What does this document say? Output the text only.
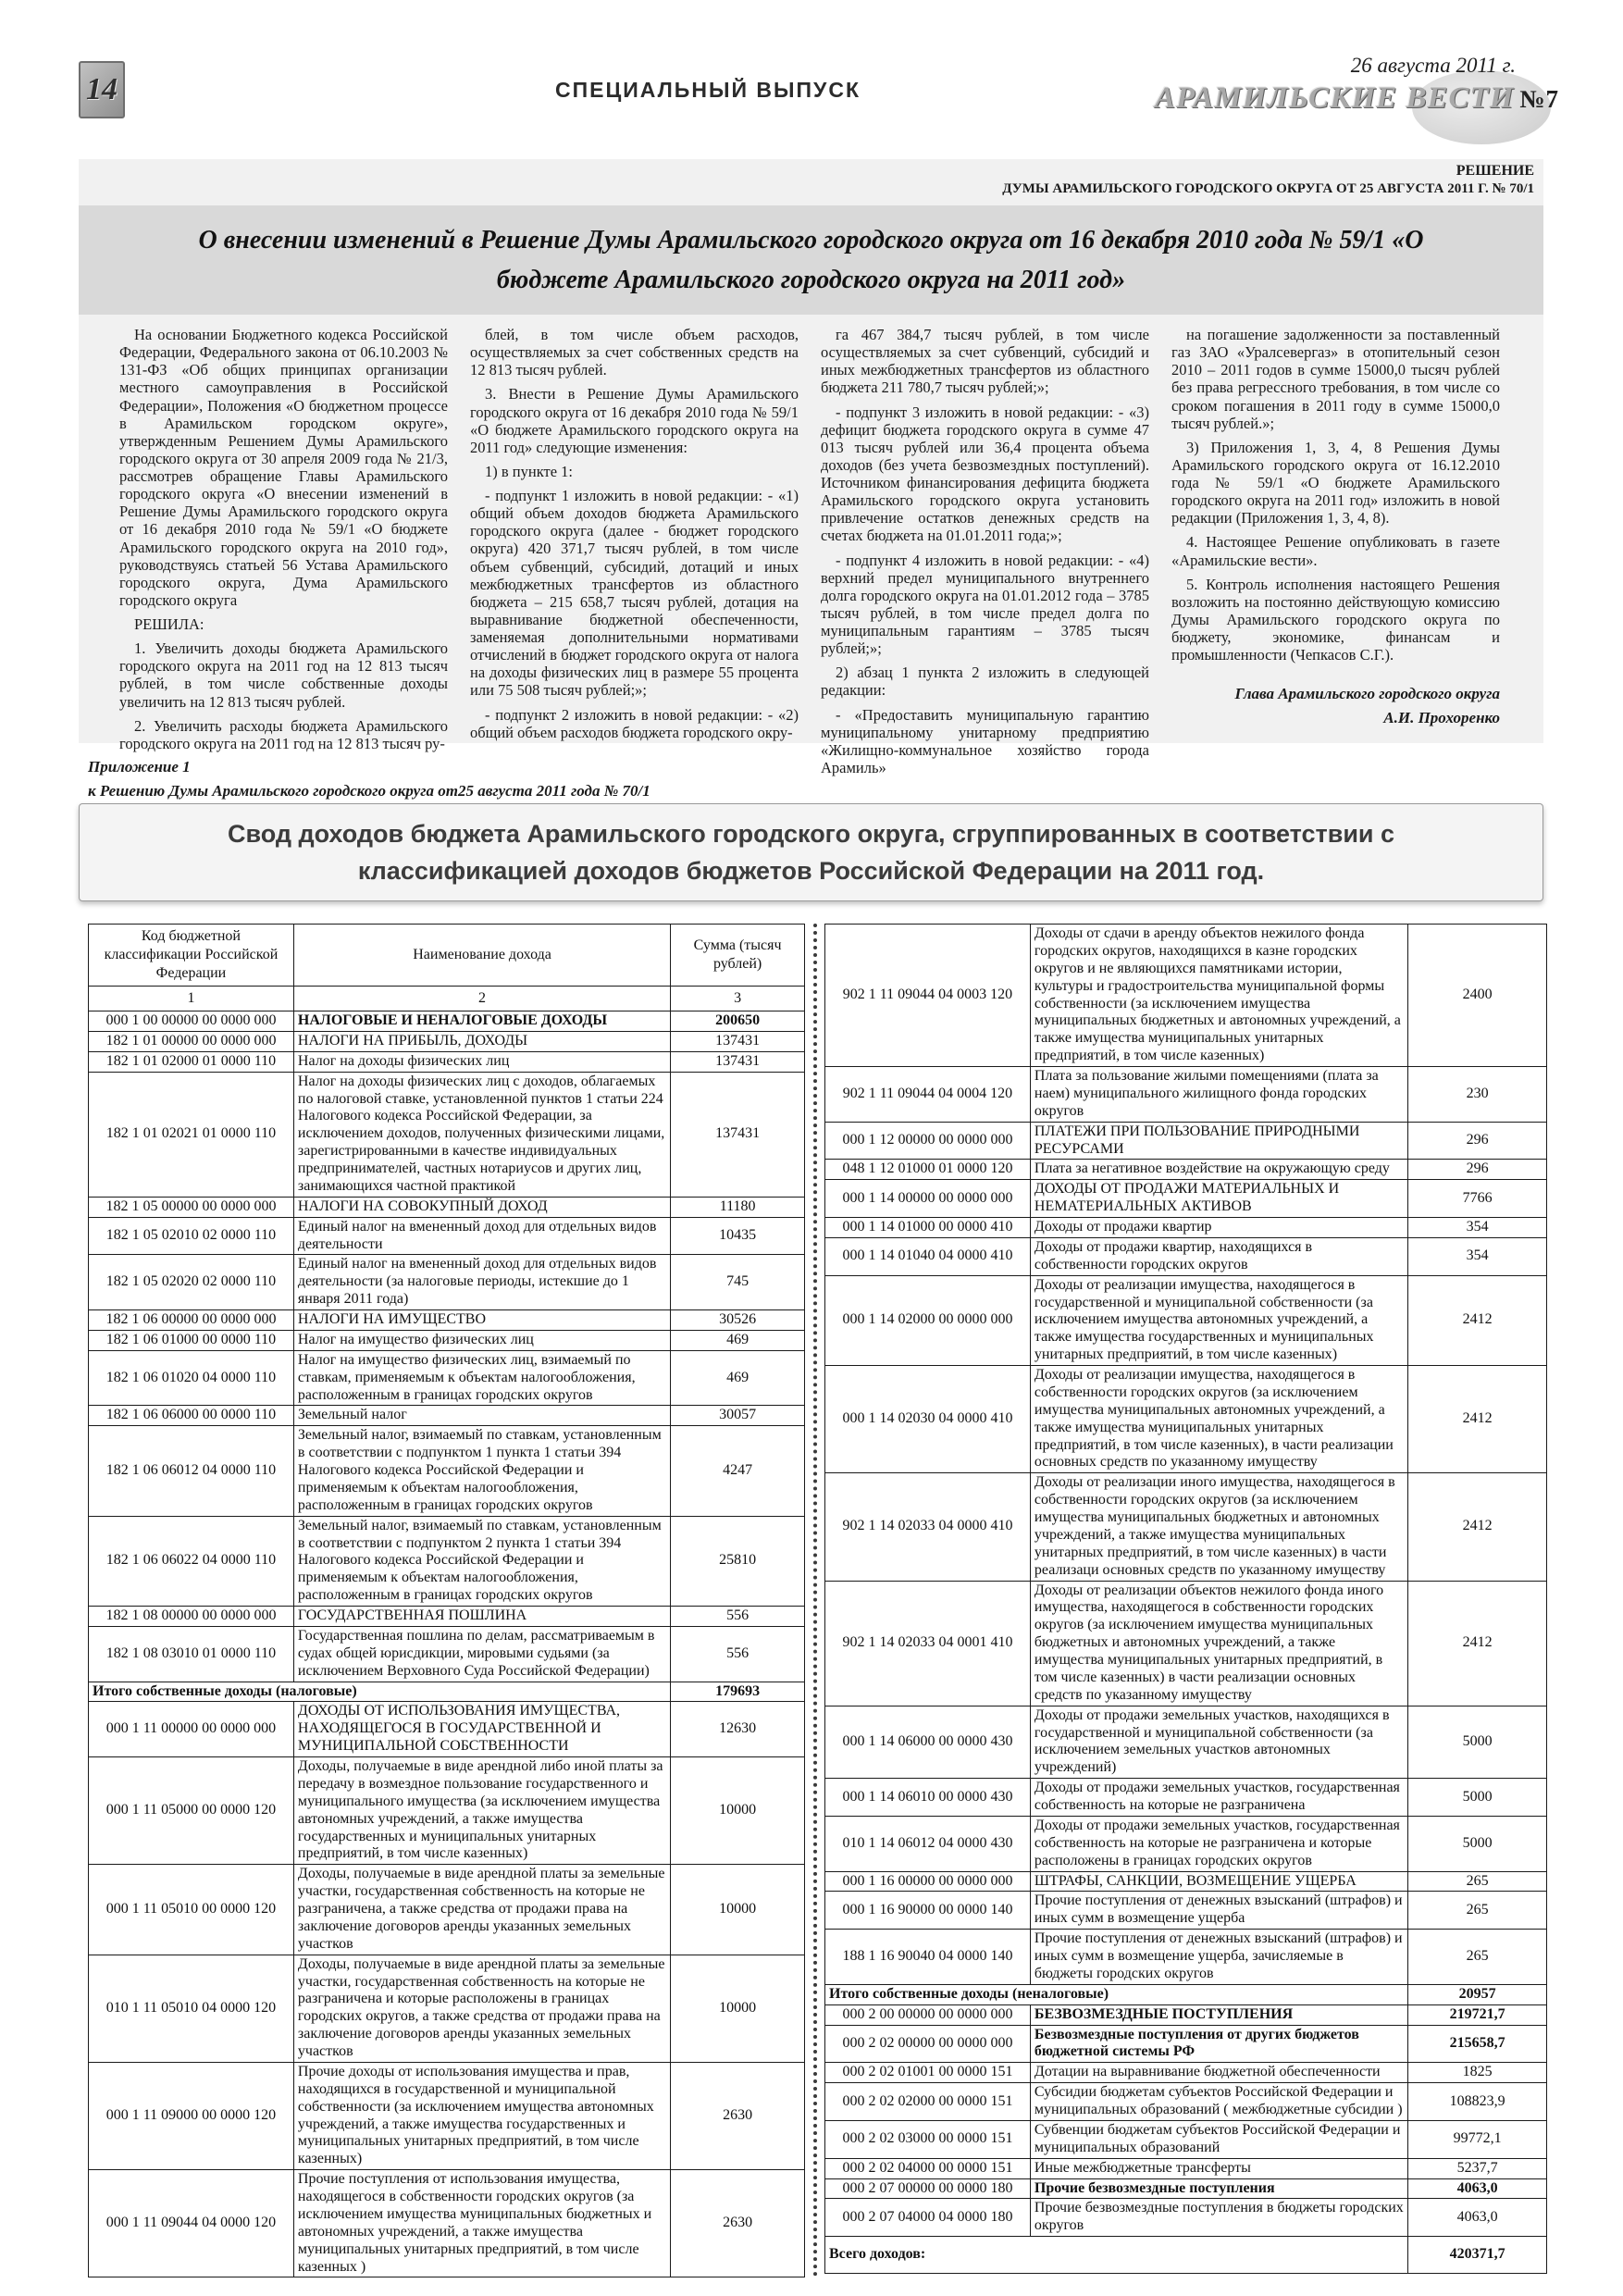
14	СПЕЦИАЛЬНЫЙ ВЫПУСК
26 августа 2011 г.
АРАМИЛЬСКИЕ ВЕСТИ №7
РЕШЕНИЕ
ДУМЫ АРАМИЛЬСКОГО ГОРОДСКОГО ОКРУГА ОТ 25 АВГУСТА 2011 Г. № 70/1
О внесении изменений в Решение Думы Арамильского городского округа от 16 декабря 2010 года № 59/1 «О бюджете Арамильского городского округа на 2011 год»

На основании Бюджетного кодекса Российской Федерации, Федерального закона от 06.10.2003 № 131-ФЗ «Об общих принципах организации местного самоуправления в Российской Федерации», Положения «О бюджетном процессе в Арамильском городском округе», утвержденным Решением Думы Арамильского городского округа от 30 апреля 2009 года № 21/3, рассмотрев обращение Главы Арамильского городского округа «О внесении изменений в Решение Думы Арамильского городского округа от 16 декабря 2010 года № 59/1 «О бюджете Арамильского городского округа на 2010 год», руководствуясь статьей 56 Устава Арамильского городского округа, Дума Арамильского городского округа

РЕШИЛА:

1. Увеличить доходы бюджета Арамильского городского округа на 2011 год на 12 813 тысяч рублей, в том числе собственные доходы увеличить на 12 813 тысяч рублей.

2. Увеличить расходы бюджета Арамильского городского округа на 2011 год на 12 813 тысяч ру-

блей, в том числе объем расходов, осуществляемых за счет собственных средств на 12 813 тысяч рублей.

3. Внести в Решение Думы Арамильского городского округа от 16 декабря 2010 года № 59/1 «О бюджете Арамильского городского округа на 2011 год» следующие изменения:

1) в пункте 1:

- подпункт 1 изложить в новой редакции: - «1) общий объем доходов бюджета Арамильского городского округа (далее - бюджет городского округа) 420 371,7 тысяч рублей, в том числе объем субвенций, субсидий, дотаций и иных межбюджетных трансфертов из областного бюджета – 215 658,7 тысяч рублей, дотация на выравнивание бюджетной обеспеченности, заменяемая дополнительными нормативами отчислений в бюджет городского округа от налога на доходы физических лиц в размере 55 процента или 75 508 тысяч рублей;»;

- подпункт 2 изложить в новой редакции: - «2) общий объем расходов бюджета городского окру-

га 467 384,7 тысяч рублей, в том числе осуществляемых за счет субвенций, субсидий и иных межбюджетных трансфертов из областного бюджета 211 780,7 тысяч рублей;»;

- подпункт 3 изложить в новой редакции: - «3) дефицит бюджета городского округа в сумме 47 013 тысяч рублей или 36,4 процента объема доходов (без учета безвозмездных поступлений). Источником финансирования дефицита бюджета Арамильского городского округа установить привлечение остатков денежных средств на счетах бюджета на 01.01.2011 года;»;

- подпункт 4 изложить в новой редакции: - «4) верхний предел муниципального внутреннего долга городского округа на 01.01.2012 года – 3785 тысяч рублей, в том числе предел долга по муниципальным гарантиям – 3785 тысяч рублей;»;

2) абзац 1 пункта 2 изложить в следующей редакции:

- «Предоставить муниципальную гарантию муниципальному унитарному предприятию «Жилищно-коммунальное хозяйство города Арамиль»

на погашение задолженности за поставленный газ ЗАО «Уралсевергаз» в отопительный сезон 2010 – 2011 годов в сумме 15000,0 тысяч рублей без права регрессного требования, в том числе со сроком погашения в 2011 году в сумме 15000,0 тысяч рублей.»;

3) Приложения 1, 3, 4, 8 Решения Думы Арамильского городского округа от 16.12.2010 года № 59/1 «О бюджете Арамильского городского округа на 2011 год» изложить в новой редакции (Приложения 1, 3, 4, 8).

4. Настоящее Решение опубликовать в газете «Арамильские вести».

5. Контроль исполнения настоящего Решения возложить на постоянно действующую комиссию Думы Арамильского городского округа по бюджету, экономике, финансам и промышленности (Чепкасов С.Г.).

Глава Арамильского городского округа
А.И. Прохоренко
Приложение 1
к Решению Думы Арамильского городского округа от25 августа 2011 года № 70/1
Свод доходов бюджета Арамильского городского округа, сгруппированных в соответствии с классификацией доходов бюджетов Российской Федерации на 2011 год.
Код бюджетной классификации Российской Федерации	Наименование дохода	Сумма (тысяч рублей)
1	2	3
000 1 00 00000 00 0000 000	НАЛОГОВЫЕ И НЕНАЛОГОВЫЕ ДОХОДЫ	200650
182 1 01 00000 00 0000 000	НАЛОГИ НА ПРИБЫЛЬ, ДОХОДЫ	137431
182 1 01 02000 01 0000 110	Налог на доходы физических лиц	137431
182 1 01 02021 01 0000 110	Налог на доходы физических лиц с доходов, облагаемых по налоговой ставке, установленной пунктов 1 статьи 224 Налогового кодекса Российской Федерации, за исключением доходов, полученных физическими лицами, зарегистрированными в качестве индивидуальных предпринимателей, частных нотариусов и других лиц, занимающихся частной практикой	137431
182 1 05 00000 00 0000 000	НАЛОГИ НА СОВОКУПНЫЙ ДОХОД	11180
182 1 05 02010 02 0000 110	Единый налог на вмененный доход для отдельных видов деятельности	10435
182 1 05 02020 02 0000 110	Единый налог на вмененный доход для отдельных видов деятельности (за налоговые периоды, истекшие до 1 января 2011 года)	745
182 1 06 00000 00 0000 000	НАЛОГИ НА ИМУЩЕСТВО	30526
182 1 06 01000 00 0000 110	Налог на имущество физических лиц	469
182 1 06 01020 04 0000 110	Налог на имущество физических лиц, взимаемый по ставкам, применяемым к объектам налогообложения, расположенным в границах городских округов	469
182 1 06 06000 00 0000 110	Земельный налог	30057
182 1 06 06012 04 0000 110	Земельный налог, взимаемый по ставкам, установленным в соответствии с подпунктом 1 пункта 1 статьи 394 Налогового кодекса Российской Федерации и применяемым к объектам налогообложения, расположенным в границах городских округов	4247
182 1 06 06022 04 0000 110	Земельный налог, взимаемый по ставкам, установленным в соответствии с подпунктом 2 пункта 1 статьи 394 Налогового кодекса Российской Федерации и применяемым к объектам налогообложения, расположенным в границах городских округов	25810
182 1 08 00000 00 0000 000	ГОСУДАРСТВЕННАЯ ПОШЛИНА	556
182 1 08 03010 01 0000 110	Государственная пошлина по делам, рассматриваемым в судах общей юрисдикции, мировыми судьями (за исключением Верховного Суда Российской Федерации)	556
Итого собственные доходы (налоговые)		179693
000 1 11 00000 00 0000 000	ДОХОДЫ ОТ ИСПОЛЬЗОВАНИЯ ИМУЩЕСТВА, НАХОДЯЩЕГОСЯ В ГОСУДАРСТВЕННОЙ И МУНИЦИПАЛЬНОЙ СОБСТВЕННОСТИ	12630
000 1 11 05000 00 0000 120	Доходы, получаемые в виде арендной либо иной платы за передачу в возмездное пользование государственного и муниципального имущества (за исключением имущества автономных учреждений, а также имущества государственных и муниципальных унитарных предприятий, в том числе казенных)	10000
000 1 11 05010 00 0000 120	Доходы, получаемые в виде арендной платы за земельные участки, государственная собственность на которые не разграничена, а также средства от продажи права на заключение договоров аренды указанных земельных участков	10000
010 1 11 05010 04 0000 120	Доходы, получаемые в виде арендной платы за земельные участки, государственная собственность на которые не разграничена и которые расположены в границах городских округов, а также средства от продажи права на заключение договоров аренды указанных земельных участков	10000
000 1 11 09000 00 0000 120	Прочие доходы от использования имущества и прав, находящихся в государственной и муниципальной собственности (за исключением имущества автономных учреждений, а также имущества государственных и муниципальных унитарных предприятий, в том числе казенных)	2630
000 1 11 09044 04 0000 120	Прочие поступления от использования имущества, находящегося в собственности городских округов (за исключением имущества муниципальных бюджетных и автономных учреждений, а также имущества муниципальных унитарных предприятий, в том числе казенных )	2630
902 1 11 09044 04 0003 120	Доходы от сдачи в аренду объектов нежилого фонда городских округов, находящихся в казне городских округов и не являющихся памятниками истории, культуры и градостроительства муниципальной формы собственности (за исключением имущества муниципальных бюджетных и автономных учреждений, а также имущества муниципальных унитарных предприятий, в том числе казенных)	2400
902 1 11 09044 04 0004 120	Плата за пользование жилыми помещениями (плата за наем) муниципального жилищного фонда городских округов	230
000 1 12 00000 00 0000 000	ПЛАТЕЖИ ПРИ ПОЛЬЗОВАНИЕ ПРИРОДНЫМИ РЕСУРСАМИ	296
048 1 12 01000 01 0000 120	Плата за негативное воздействие на окружающую среду	296
000 1 14 00000 00 0000 000	ДОХОДЫ ОТ ПРОДАЖИ МАТЕРИАЛЬНЫХ И НЕМАТЕРИАЛЬНЫХ АКТИВОВ	7766
000 1 14 01000 00 0000 410	Доходы от продажи квартир	354
000 1 14 01040 04 0000 410	Доходы от продажи квартир, находящихся в собственности городских округов	354
000 1 14 02000 00 0000 000	Доходы от реализации имущества, находящегося в государственной и муниципальной собственности (за исключением имущества автономных учреждений, а также имущества государственных и муниципальных унитарных предприятий, в том числе казенных)	2412
000 1 14 02030 04 0000 410	Доходы от реализации имущества, находящегося в собственности городских округов (за исключением имущества муниципальных автономных учреждений, а также имущества муниципальных унитарных предприятий, в том числе казенных), в части реализации основных средств по указанному имуществу	2412
902 1 14 02033 04 0000 410	Доходы от реализации иного имущества, находящегося в собственности городских округов (за исключением имущества муниципальных бюджетных и автономных учреждений, а также имущества муниципальных унитарных предприятий, в том числе казенных) в части реализаци основных средств по указанному имуществу	2412
902 1 14 02033 04 0001 410	Доходы от реализации объектов нежилого фонда иного имущества, находящегося в собственности городских округов (за исключением имущества муниципальных бюджетных и автономных учреждений, а также имущества муниципальных унитарных предприятий, в том числе казенных) в части реализации основных средств по указанному имуществу	2412
000 1 14 06000 00 0000 430	Доходы от продажи земельных участков, находящихся в государственной и муниципальной собственности (за исключением земельных участков автономных учреждений)	5000
000 1 14 06010 00 0000 430	Доходы от продажи земельных участков, государственная собственность на которые не разграничена	5000
010 1 14 06012 04 0000 430	Доходы от продажи земельных участков, государственная собственность на которые не разграничена и которые расположены в границах городских округов	5000
000 1 16 00000 00 0000 000	ШТРАФЫ, САНКЦИИ, ВОЗМЕЩЕНИЕ УЩЕРБА	265
000 1 16 90000 00 0000 140	Прочие поступления от денежных взысканий (штрафов) и иных сумм в возмещение ущерба	265
188 1 16 90040 04 0000 140	Прочие поступления от денежных взысканий (штрафов) и иных сумм в возмещение ущерба, зачисляемые в бюджеты городских округов	265
Итого собственные доходы (неналоговые)		20957
000 2 00 00000 00 0000 000	БЕЗВОЗМЕЗДНЫЕ ПОСТУПЛЕНИЯ	219721,7
000 2 02 00000 00 0000 000	Безвозмездные поступления от других бюджетов бюджетной системы РФ	215658,7
000 2 02 01001 00 0000 151	Дотации на выравнивание бюджетной обеспеченности	1825
000 2 02 02000 00 0000 151	Субсидии бюджетам субъектов Российской Федерации и муниципальных образований ( межбюджетные субсидии )	108823,9
000 2 02 03000 00 0000 151	Субвенции бюджетам субъектов Российской Федерации и муниципальных образований	99772,1
000 2 02 04000 00 0000 151	Иные межбюджетные трансферты	5237,7
000 2 07 00000 00 0000 180	Прочие безвозмездные поступления	4063,0
000 2 07 04000 04 0000 180	Прочие безвозмездные поступления в бюджеты городских округов	4063,0
Всего доходов:		420371,7
